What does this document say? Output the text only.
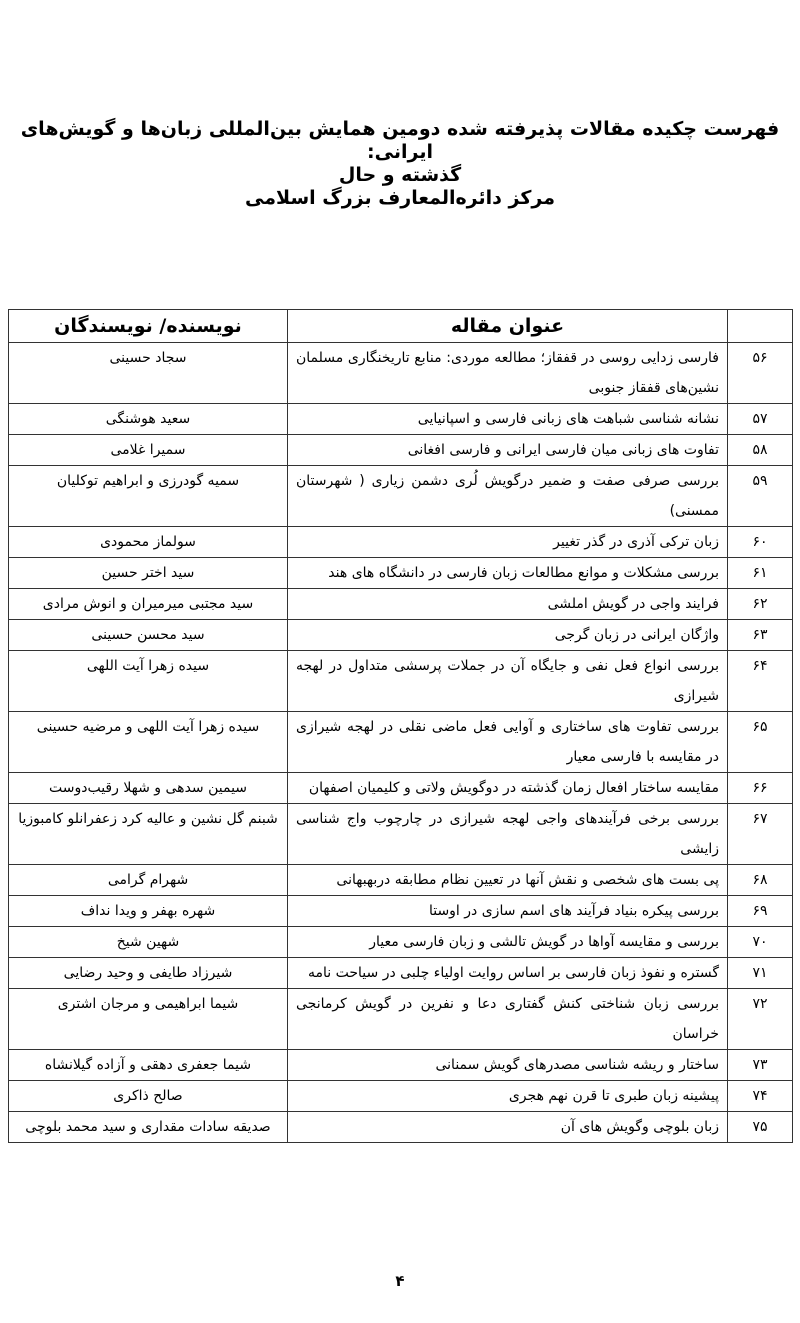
فهرست چکیده مقالات پذیرفته شده دومین همایش بین‌المللی زبان‌ها و گویش‌های
ایرانی:
گذشته و حال
مرکز دائره‌المعارف بزرگ اسلامی
	عنوان مقاله	نویسنده/ نویسندگان
۵۶	فارسی زدایی روسی در قفقاز؛ مطالعه موردی: منابع تاریخنگاری مسلمان نشین‌های قفقاز جنوبی	سجاد حسینی
۵۷	نشانه شناسی شباهت های زبانی فارسی و اسپانیایی	سعید هوشنگی
۵۸	تفاوت های زبانی میان فارسی ایرانی و فارسی افغانی	سمیرا غلامی
۵۹	بررسی صرفی صفت و ضمیر درگویش لُری دشمن زیاری ( شهرستان ممسنی)	سمیه گودرزی و ابراهیم توکلیان
۶۰	زبان ترکی آذری در گذر تغییر	سولماز محمودی
۶۱	بررسی مشکلات و موانع مطالعات زبان فارسی در دانشگاه های هند	سید اختر حسین
۶۲	فرایند واجی در گویش املشی	سید مجتبی میرمیران و انوش مرادی
۶۳	واژگان ایرانی در زبان گرجی	سید محسن حسینی
۶۴	بررسی انواع فعل نفی و جایگاه آن در جملات پرسشی متداول در لهجه شیرازی	سیده زهرا آیت اللهی
۶۵	بررسی تفاوت های ساختاری و آوایی فعل ماضی نقلی در لهجه شیرازی در مقایسه با فارسی معیار	سیده زهرا آیت اللهی و مرضیه حسینی
۶۶	مقایسه ساختار افعال زمان گذشته در دوگویش ولاتی و کلیمیان اصفهان	سیمین سدهی و شهلا رقیب‌دوست
۶۷	بررسی برخی فرآیندهای واجی لهجه شیرازی در چارچوب واج شناسی زایشی	شبنم گل نشین و عالیه کرد زعفرانلو کامبوزیا
۶۸	پی بست های شخصی و نقش آنها در تعیین نظام مطابقه دربهبهانی	شهرام گرامی
۶۹	بررسی پیکره بنیاد فرآیند های اسم سازی در اوستا	شهره بهفر و ویدا نداف
۷۰	بررسی و مقایسه آواها در گویش تالشی و زبان فارسی معیار	شهین شیخ
۷۱	گستره و نفوذ زبان فارسی بر اساس روایت اولیاء چلبی در سیاحت نامه	شیرزاد طایفی و وحید رضایی
۷۲	بررسی زبان شناختی کنش گفتاری دعا و نفرین در گویش کرمانجی خراسان	شیما ابراهیمی و مرجان اشتری
۷۳	ساختار و ریشه شناسی مصدرهای گویش سمنانی	شیما جعفری دهقی و آزاده گیلانشاه
۷۴	پیشینه زبان طبری تا قرن نهم هجری	صالح ذاکری
۷۵	زبان بلوچی وگویش های آن	صدیقه سادات مقداری و سید محمد بلوچی
۴
